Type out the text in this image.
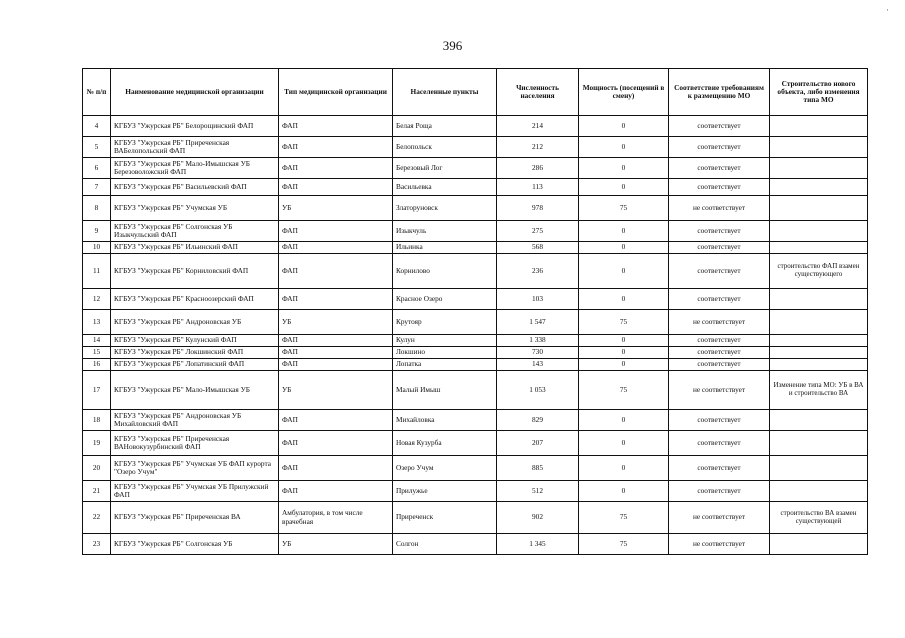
396
·
№ п/п	Наименование медицинской организации	Тип медицинской организации	Населенные пункты	Численность населения	Мощность (посещений в смену)	Соответствие требованиям к размещению МО	Строительство нового объекта, либо изменения типа МО
4	КГБУЗ "Ужурская РБ" Белорощинский ФАП	ФАП	Белая Роща	214	0	соответствует	
5	КГБУЗ "Ужурская РБ" Приреченская ВАБелопольский ФАП	ФАП	Белопольск	212	0	соответствует	
6	КГБУЗ "Ужурская РБ" Мало-Имышская УБ Березоволожский ФАП	ФАП	Березовый Лог	286	0	соответствует	
7	КГБУЗ "Ужурская РБ" Васильевский ФАП	ФАП	Васильевка	113	0	соответствует	
8	КГБУЗ "Ужурская РБ" Учумская УБ	УБ	Златоруновск	978	75	не соответствует	
9	КГБУЗ "Ужурская РБ" Солгонская УБ Изыкчульский ФАП	ФАП	Изыкчуль	275	0	соответствует	
10	КГБУЗ "Ужурская РБ" Ильинский ФАП	ФАП	Ильинка	568	0	соответствует	
11	КГБУЗ "Ужурская РБ" Корниловский ФАП	ФАП	Корнилово	236	0	соответствует	строительство ФАП взамен существующего
12	КГБУЗ "Ужурская РБ" Красноозерский ФАП	ФАП	Красное Озеро	103	0	соответствует	
13	КГБУЗ "Ужурская РБ" Андроновская УБ	УБ	Крутояр	1 547	75	не соответствует	
14	КГБУЗ "Ужурская РБ" Кулунский ФАП	ФАП	Кулун	1 338	0	соответствует	
15	КГБУЗ "Ужурская РБ" Локшинский ФАП	ФАП	Локшино	730	0	соответствует	
16	КГБУЗ "Ужурская РБ" Лопатинский ФАП	ФАП	Лопатка	143	0	соответствует	
17	КГБУЗ "Ужурская РБ" Мало-Имышская УБ	УБ	Малый Имыш	1 053	75	не соответствует	Изменение типа МО: УБ в ВА и строительство ВА
18	КГБУЗ "Ужурская РБ" Андроновская УБ Михайловский ФАП	ФАП	Михайловка	829	0	соответствует	
19	КГБУЗ "Ужурская РБ" Приреченская ВАНовокузурбинский ФАП	ФАП	Новая Кузурба	207	0	соответствует	
20	КГБУЗ "Ужурская РБ" Учумская УБ ФАП курорта "Озеро Учум"	ФАП	Озеро Учум	885	0	соответствует	
21	КГБУЗ "Ужурская РБ" Учумская УБ Прилужский ФАП	ФАП	Прилужье	512	0	соответствует	
22	КГБУЗ "Ужурская РБ" Приреченская ВА	Амбулатория, в том числе врачебная	Приреченск	902	75	не соответствует	строительство ВА взамен существующей
23	КГБУЗ "Ужурская РБ" Солгонская УБ	УБ	Солгон	1 345	75	не соответствует	
